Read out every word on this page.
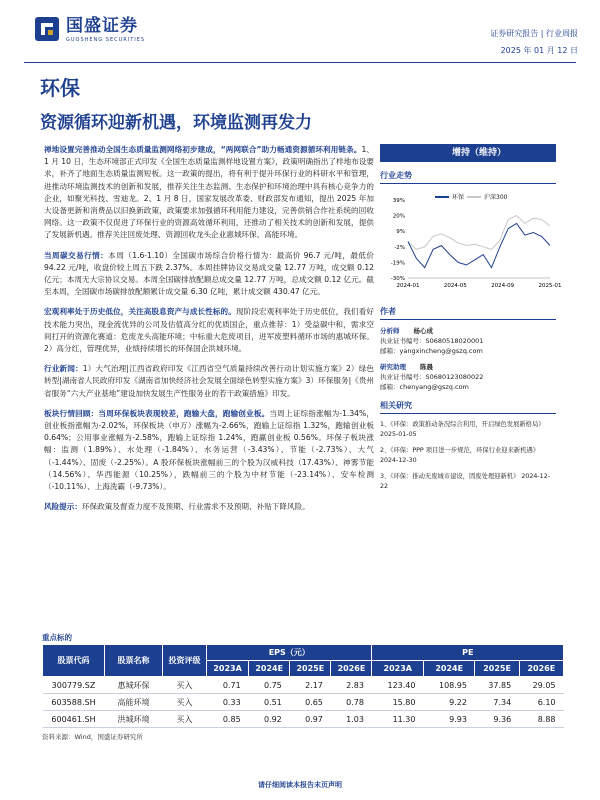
国盛证券
GUOSHENG SECURITIES
证券研究报告 | 行业周报
2025 年 01 月 12 日
环保
资源循环迎新机遇，环境监测再发力

禅地设置完善推动全国生态质量监测网络初步建成，“两网联合”助力畅通资源循环利用链条。1、1 月 10 日，生态环境部正式印发《全国生态质量监测样地设置方案》，政策明确指出了样地布设要求，补齐了地面生态质量监测短板。这一政策的提出，将有利于提升环保行业的科研水平和管理，进推动环境监测技术的创新和发展，推荐关注生态监测、生态保护和环境治理中具有核心竞争力的企业，如聚光科技、雪迪龙。2、1 月 8 日，国家发展改革委、财政部发布通知，提出 2025 年加大设备更新和消费品以旧换新政策，政策要求加强循环利用能力建设，完善供销合作社系统的回收网络。这一政策不仅促进了环保行业的资源高效循环利用，还推动了相关技术的创新和发展，提供了发展新机遇。推荐关注回废处理、资源回收龙头企业惠城环保、高能环境。

当周碳交易行情：本周（1.6-1.10）全国碳市场综合价格行情为：最高价 96.7 元/吨，最低价 94.22 元/吨，收盘价较上周五下跌 2.37%。本周挂牌协议交易成交量 12.77 万吨，成交额 0.12 亿元；本周无大宗协议交易。本周全国碳排放配额总成交量 12.77 万吨，总成交额 0.12 亿元。截至本周，全国碳市场碳排放配额累计成交量 6.30 亿吨，累计成交额 430.47 亿元。

宏观利率处于历史低位，关注高股息资产与成长性标的。现阶段宏观利率处于历史低位，我们看好技术能力突出，现金流优异的公司及估值高分红的优质国企，重点推荐：1）受益碳中和，需求空间打开的资源化赛道：危废龙头高能环境；中标重大危废项目，进军废塑料循环市场的惠城环保。2）高分红，管理优异，业绩持续增长的环保国企洪城环境。

行业新闻：1）大气治理|江西省政府印发《江西省空气质量持续改善行动计划实施方案》2）绿色转型|湖南省人民政府印发《湖南省加快经济社会发展全面绿色转型实施方案》3）环保服务|《贵州省服务“六大产业基地”建设加快发展生产性服务业的若干政策措施》印发。

板块行情回顾：当周环保板块表现较差，跑输大盘，跑输创业板。当周上证综指涨幅为-1.34%，创业板指涨幅为-2.02%，环保板块（申万）涨幅为-2.66%，跑输上证综指 1.32%，跑输创业板 0.64%；公用事业涨幅为-2.58%，跑输上证综指 1.24%，跑赢创业板 0.56%。环保子板块涨幅：监测（1.89%）、水处理（-1.84%）、水务运营（-3.43%）、节能（-2.73%）、大气（-1.44%）、固废（-2.25%）。A 股环保板块涨幅前三的个股为汉威科技（17.43%）、神雾节能（14.56%）、华西能源（10.25%），跌幅前三的个股为中材节能（-23.14%）、安车检测（-10.11%）、上海洗霸（-9.73%）。

风险提示：环保政策及督查力度不及预期、行业需求不及预期、补贴下降风险。

增持（维持）
行业走势
39%
20%
9%
-2%
-19%
-30%
2024-01	2024-05	2024-09	2025-01
环保	沪深300
作者
分析师 杨心成
执业证书编号：S0680518020001
邮箱：yangxincheng@gszq.com
研究助理 陈晨
执业证书编号：S0680123080022
邮箱：chenyang@gszq.com
相关研究
1、《环保：政策推动条况综合利用，开启绿色发展新格局》 2025-01-05
2、《环保：PPP 项目进一步规范，环保行业迎来新机遇》 2024-12-30
3、《环保：推动无废城市建设，固废处理迎新机》 2024-12-22
重点标的
股票代码	股票名称	投资评级	EPS（元）				PE			
			2023A	2024E	2025E	2026E	2023A	2024E	2025E	2026E
300779.SZ	惠城环保	买入	0.71	0.75	2.17	2.83	123.40	108.95	37.85	29.05
603588.SH	高能环境	买入	0.33	0.51	0.65	0.78	15.80	9.22	7.34	6.10
600461.SH	洪城环境	买入	0.85	0.92	0.97	1.03	11.30	9.93	9.36	8.88
资料来源：Wind，国盛证券研究所
请仔细阅读本报告末页声明
